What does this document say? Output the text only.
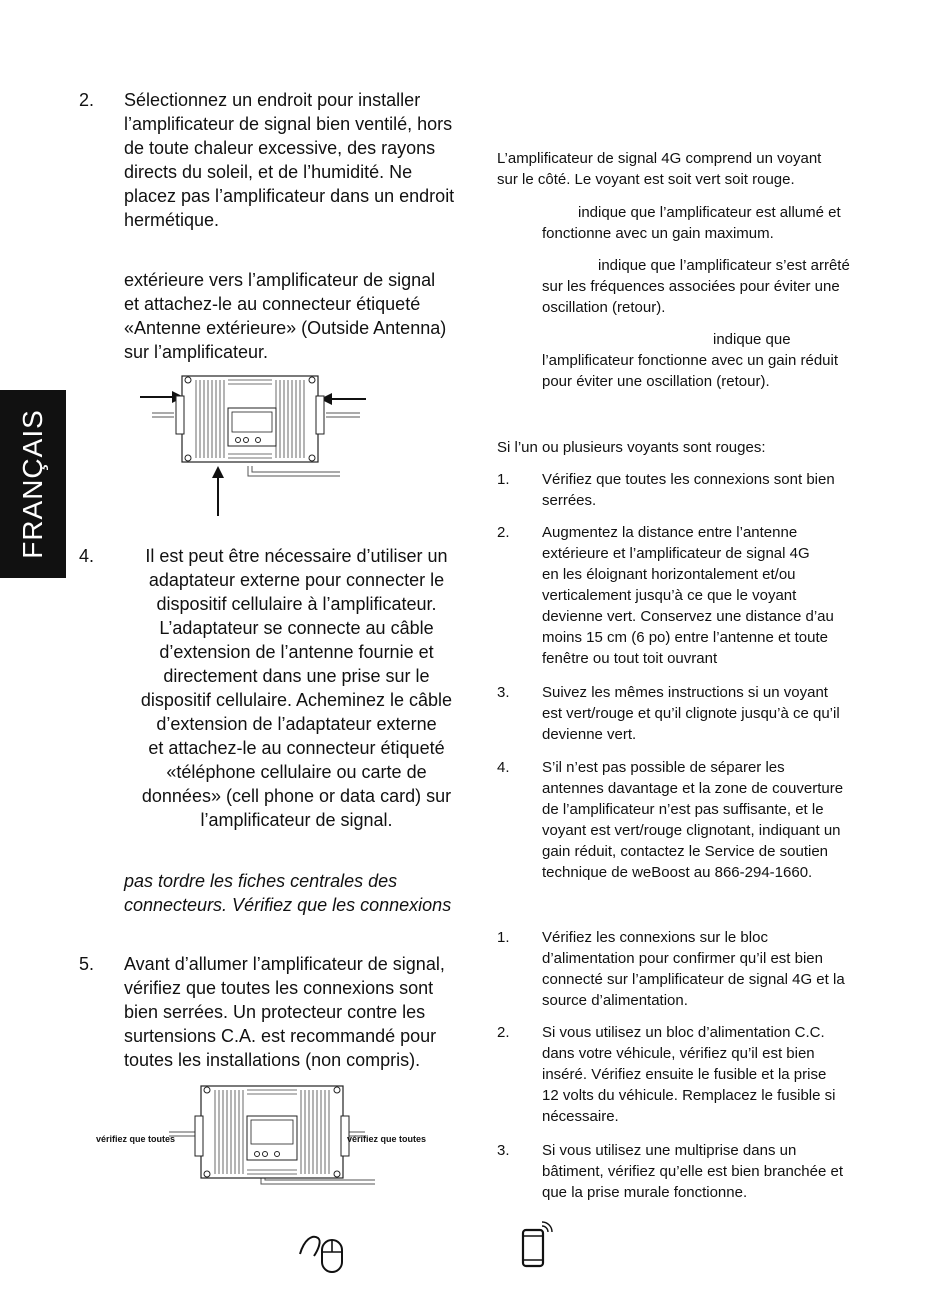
FRANÇAIS
2. Sélectionnez un endroit pour installer
l’amplificateur de signal bien ventilé, hors
de toute chaleur excessive, des rayons
directs du soleil, et de l’humidité. Ne
placez pas l’amplificateur dans un endroit
hermétique.
extérieure vers l’amplificateur de signal
et attachez-le au connecteur étiqueté
«Antenne extérieure» (Outside Antenna)
sur l’amplificateur.
4.	Il est peut être nécessaire d’utiliser un
adaptateur externe pour connecter le
dispositif cellulaire à l’amplificateur.
L’adaptateur se connecte au câble
d’extension de l’antenne fournie et
directement dans une prise sur le
dispositif cellulaire. Acheminez le câble
d’extension de l’adaptateur externe
et attachez-le au connecteur étiqueté
«téléphone cellulaire ou carte de
données» (cell phone or data card) sur
l’amplificateur de signal.
pas tordre les fiches centrales des
connecteurs. Vérifiez que les connexions
5. Avant d’allumer l’amplificateur de signal,
vérifiez que toutes les connexions sont
bien serrées. Un protecteur contre les
surtensions C.A. est recommandé pour
toutes les installations (non compris).
vérifiez que toutes	vérifiez que toutes
L’amplificateur de signal 4G comprend un voyant
sur le côté. Le voyant est soit vert soit rouge.
indique que l’amplificateur est allumé et
fonctionne avec un gain maximum.
indique que l’amplificateur s’est arrêté
sur les fréquences associées pour éviter une
oscillation (retour).
indique que
l’amplificateur fonctionne avec un gain réduit
pour éviter une oscillation (retour).
Si l’un ou plusieurs voyants sont rouges:
1. Vérifiez que toutes les connexions sont bien
serrées.
2. Augmentez la distance entre l’antenne
extérieure et l’amplificateur de signal 4G
en les éloignant horizontalement et/ou
verticalement jusqu’à ce que le voyant
devienne vert. Conservez une distance d’au
moins 15 cm (6 po) entre l’antenne et toute
fenêtre ou tout toit ouvrant
3. Suivez les mêmes instructions si un voyant
est vert/rouge et qu’il clignote jusqu’à ce qu’il
devienne vert.
4. S’il n’est pas possible de séparer les
antennes davantage et la zone de couverture
de l’amplificateur n’est pas suffisante, et le
voyant est vert/rouge clignotant, indiquant un
gain réduit, contactez le Service de soutien
technique de weBoost au 866-294-1660.
1. Vérifiez les connexions sur le bloc
d’alimentation pour confirmer qu’il est bien
connecté sur l’amplificateur de signal 4G et la
source d’alimentation.
2. Si vous utilisez un bloc d’alimentation C.C.
dans votre véhicule, vérifiez qu’il est bien
inséré. Vérifiez ensuite le fusible et la prise
12 volts du véhicule. Remplacez le fusible si
nécessaire.
3. Si vous utilisez une multiprise dans un
bâtiment, vérifiez qu’elle est bien branchée et
que la prise murale fonctionne.
